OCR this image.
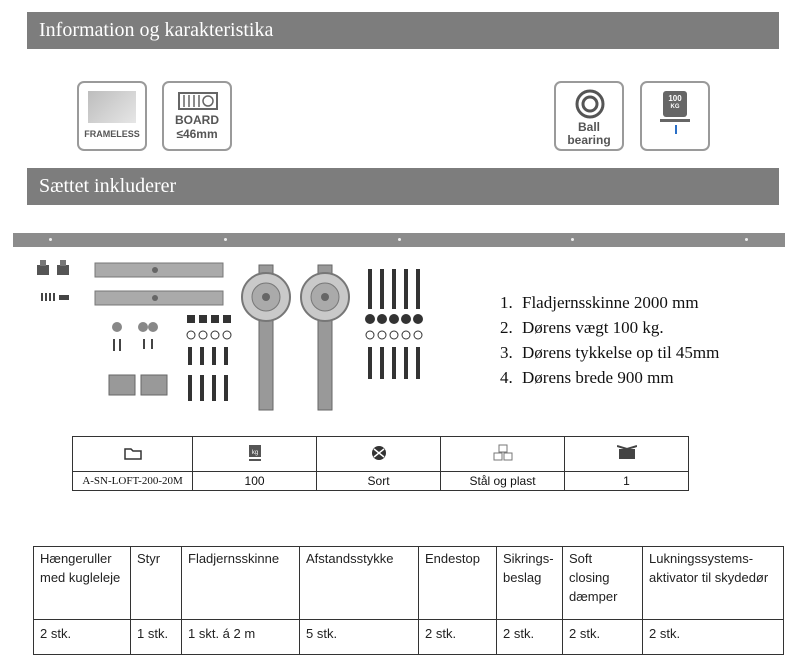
Information og karakteristika
FRAMELESS
BOARD
≤46mm	Ball
bearing
100
KG
Sættet inkluderer
1. Fladjernsskinne 2000 mm
2. Dørens vægt 100 kg.
3. Dørens tykkelse op til 45mm
4. Dørens brede 900 mm

kg

A-SN-LOFT-200-20M	100	Sort	Stål og plast	1
Hængeruller med kugleleje	Styr	Fladjernsskinne	Afstandsstykke	Endestop	Sikrings-beslag	Soft closing dæmper	Lukningssystems-aktivator til skydedør
2 stk.	1 stk.	1 skt. á 2 m	5 stk.	2 stk.	2 stk.	2 stk.	2 stk.
